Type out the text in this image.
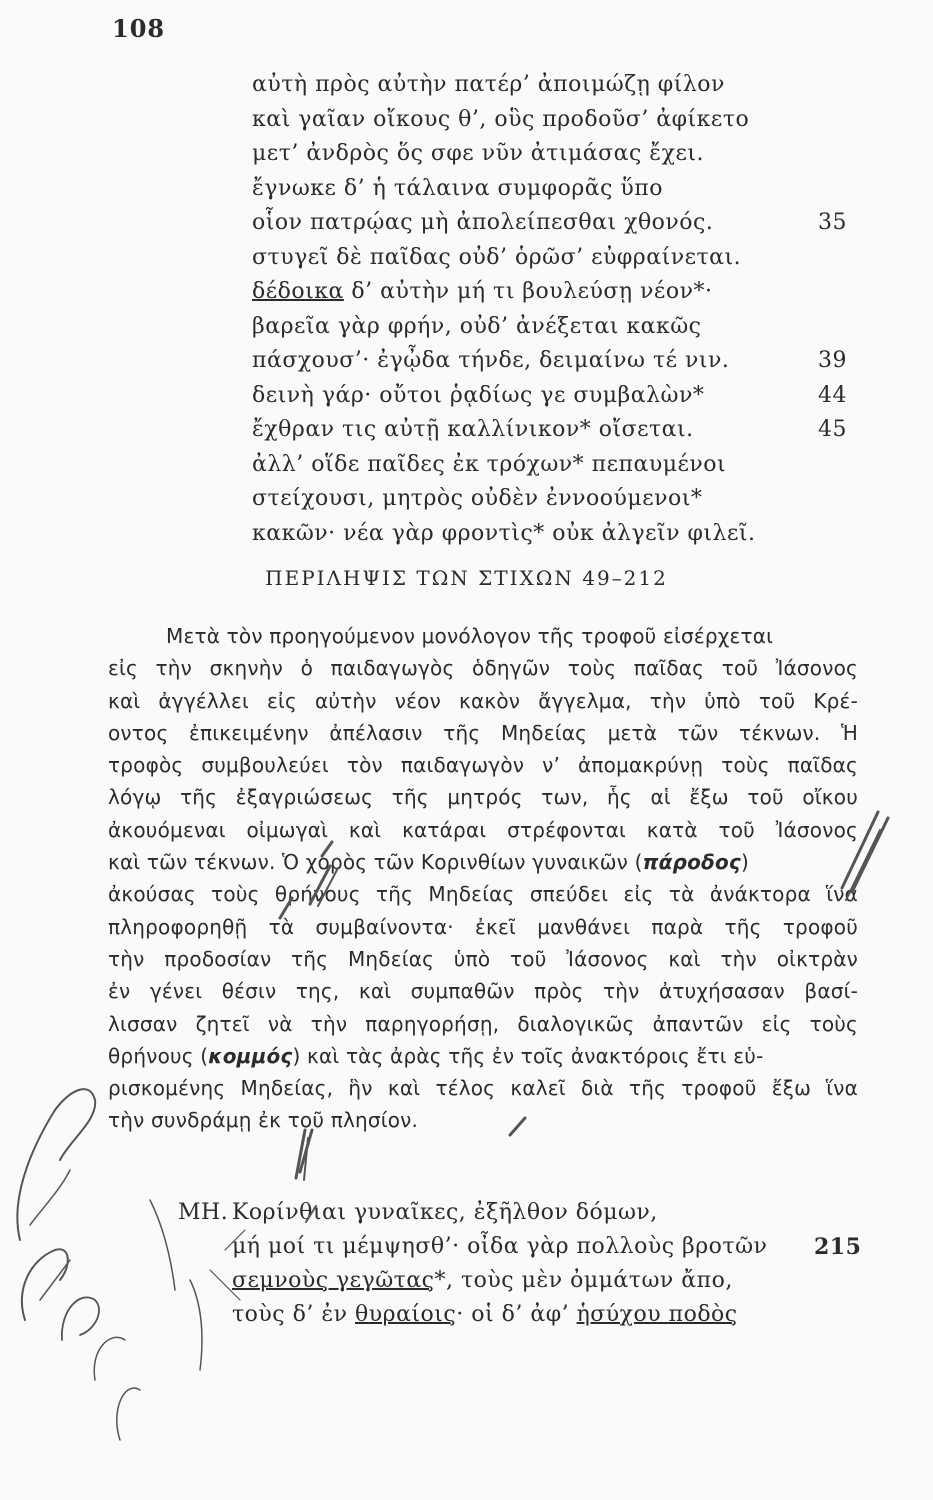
108
αὐτὴ πρὸς αὐτὴν πατέρ’ ἀποιμώζῃ φίλον
καὶ γαῖαν οἴκους θ’, οὓς προδοῦσ’ ἀφίκετο
μετ’ ἀνδρὸς ὅς σφε νῦν ἀτιμάσας ἔχει.
ἔγνωκε δ’ ἡ τάλαινα συμφορᾶς ὕπο
οἷον πατρῴας μὴ ἀπολείπεσθαι χθονός.	35
στυγεῖ δὲ παῖδας οὐδ’ ὁρῶσ’ εὐφραίνεται.
δέδοικα δ’ αὐτὴν μή τι βουλεύσῃ νέον*·
βαρεῖα γὰρ φρήν, οὐδ’ ἀνέξεται κακῶς
πάσχουσ’· ἐγᾦδα τήνδε, δειμαίνω τέ νιν.	39
δεινὴ γάρ· οὔτοι ῥᾳδίως γε συμβαλὼν*	44
ἔχθραν τις αὐτῇ καλλίνικον* οἴσεται.	45
ἀλλ’ οἵδε παῖδες ἐκ τρόχων* πεπαυμένοι
στείχουσι, μητρὸς οὐδὲν ἐννοούμενοι*
κακῶν· νέα γὰρ φροντὶς* οὐκ ἀλγεῖν φιλεῖ.
ΠΕΡΙΛΗΨΙΣ ΤΩΝ ΣΤΙΧΩΝ 49–212
Μετὰ τὸν προηγούμενον μονόλογον τῆς τροφοῦ εἰσέρχεται
εἰς τὴν σκηνὴν ὁ παιδαγωγὸς ὁδηγῶν τοὺς παῖδας τοῦ Ἰάσονος
καὶ ἀγγέλλει εἰς αὐτὴν νέον κακὸν ἄγγελμα, τὴν ὑπὸ τοῦ Κρέ-
οντος ἐπικειμένην ἀπέλασιν τῆς Μηδείας μετὰ τῶν τέκνων. Ἡ
τροφὸς συμβουλεύει τὸν παιδαγωγὸν ν’ ἀπομακρύνῃ τοὺς παῖδας
λόγῳ τῆς ἐξαγριώσεως τῆς μητρός των, ἧς αἱ ἔξω τοῦ οἴκου
ἀκουόμεναι οἰμωγαὶ καὶ κατάραι στρέφονται κατὰ τοῦ Ἰάσονος
καὶ τῶν τέκνων. Ὁ χορὸς τῶν Κορινθίων γυναικῶν (πάροδος)
ἀκούσας τοὺς θρήνους τῆς Μηδείας σπεύδει εἰς τὰ ἀνάκτορα ἵνα
πληροφορηθῇ τὰ συμβαίνοντα· ἐκεῖ μανθάνει παρὰ τῆς τροφοῦ
τὴν προδοσίαν τῆς Μηδείας ὑπὸ τοῦ Ἰάσονος καὶ τὴν οἰκτρὰν
ἐν γένει θέσιν της, καὶ συμπαθῶν πρὸς τὴν ἀτυχήσασαν βασί-
λισσαν ζητεῖ νὰ τὴν παρηγορήσῃ, διαλογικῶς ἀπαντῶν εἰς τοὺς
θρήνους (κομμός) καὶ τὰς ἀρὰς τῆς ἐν τοῖς ἀνακτόροις ἔτι εὑ-
ρισκομένης Μηδείας, ἣν καὶ τέλος καλεῖ διὰ τῆς τροφοῦ ἔξω ἵνα
τὴν συνδράμῃ ἐκ τοῦ πλησίον.
ΜΗ. Κορίνθιαι γυναῖκες, ἐξῆλθον δόμων,
μή μοί τι μέμψησθ’· οἶδα γὰρ πολλοὺς βροτῶν 215
σεμνοὺς γεγῶτας*, τοὺς μὲν ὀμμάτων ἄπο,
τοὺς δ’ ἐν θυραίοις· οἱ δ’ ἀφ’ ἡσύχου ποδὸς
